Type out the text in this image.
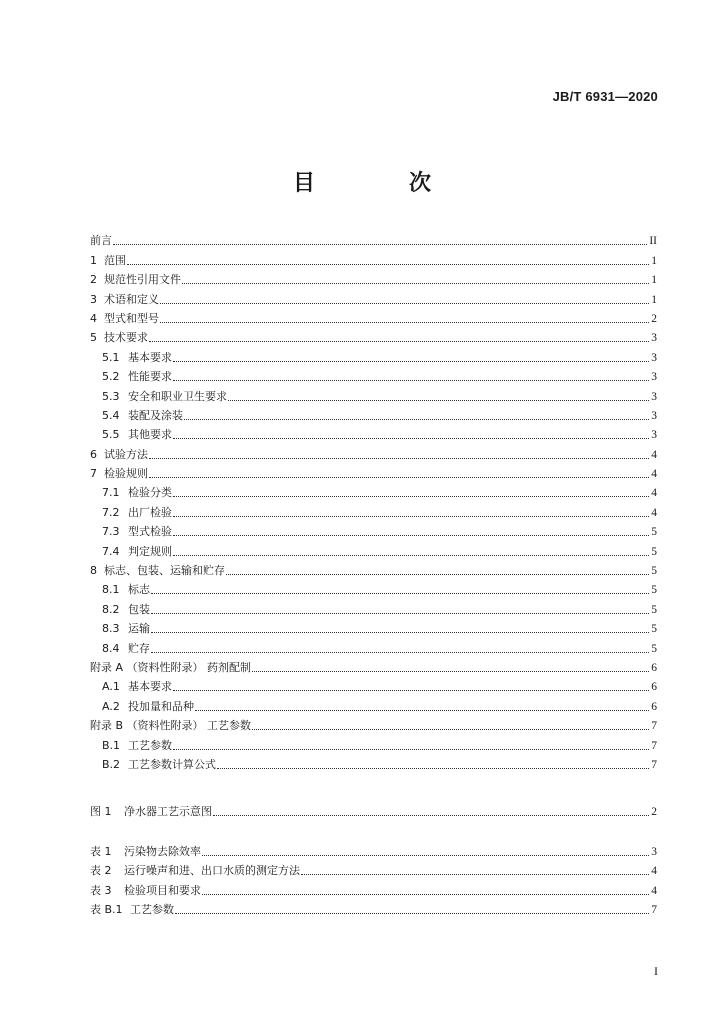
JB/T 6931—2020
目　次
前言	II
1 范围	1
2 规范性引用文件	1
3 术语和定义	1
4 型式和型号	2
5 技术要求	3
5.1 基本要求	3
5.2 性能要求	3
5.3 安全和职业卫生要求	3
5.4 装配及涂装	3
5.5 其他要求	3
6 试验方法	4
7 检验规则	4
7.1 检验分类	4
7.2 出厂检验	4
7.3 型式检验	5
7.4 判定规则	5
8 标志、包装、运输和贮存	5
8.1 标志	5
8.2 包装	5
8.3 运输	5
8.4 贮存	5
附录 A （资料性附录） 药剂配制	6
A.1 基本要求	6
A.2 投加量和品种	6
附录 B （资料性附录） 工艺参数	7
B.1 工艺参数	7
B.2 工艺参数计算公式	7
图 1	净水器工艺示意图	2
表 1	污染物去除效率	3
表 2	运行噪声和进、出口水质的测定方法	4
表 3	检验项目和要求	4
表 B.1 工艺参数	7
I
